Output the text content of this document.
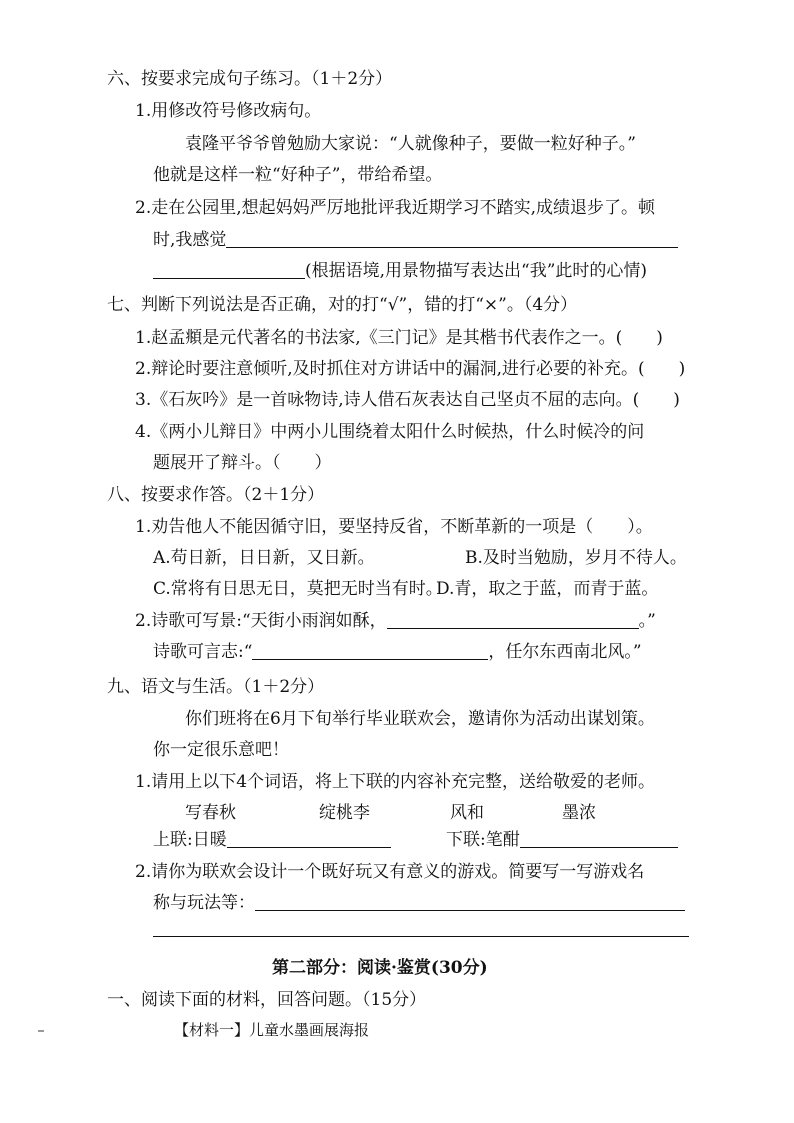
六、按要求完成句子练习。（1＋2分）
1.用修改符号修改病句。
袁隆平爷爷曾勉励大家说：“人就像种子，要做一粒好种子。”
他就是这样一粒“好种子”，带给希望。
2.走在公园里,想起妈妈严厉地批评我近期学习不踏实,成绩退步了。顿
时,我感觉
(根据语境,用景物描写表达出“我”此时的心情)
七、判断下列说法是否正确，对的打“√”，错的打“×”。（4分）
1.赵孟頫是元代著名的书法家,《三门记》是其楷书代表作之一。(　　)
2.辩论时要注意倾听,及时抓住对方讲话中的漏洞,进行必要的补充。(　　)
3.《石灰吟》是一首咏物诗,诗人借石灰表达自己坚贞不屈的志向。(　　)
4.《两小儿辩日》中两小儿围绕着太阳什么时候热，什么时候冷的问
题展开了辩斗。（　　）
八、按要求作答。（2＋1分）
1.劝告他人不能因循守旧，要坚持反省，不断革新的一项是（　　）。
A.苟日新，日日新，又日新。	B.及时当勉励，岁月不待人。
C.常将有日思无日，莫把无时当有时。
D.青，取之于蓝，而青于蓝。
2.诗歌可写景:“天街小雨润如酥，	。”
诗歌可言志:“	，任尔东西南北风。”
九、语文与生活。（1＋2分）
你们班将在6月下旬举行毕业联欢会，邀请你为活动出谋划策。
你一定很乐意吧！
1.请用上以下4个词语，将上下联的内容补充完整，送给敬爱的老师。
写春秋	绽桃李	风和	墨浓
上联:日暖	下联:笔酣
2.请你为联欢会设计一个既好玩又有意义的游戏。简要写一写游戏名
称与玩法等：
第二部分：阅读·鉴赏(30分)
一、阅读下面的材料，回答问题。（15分）
【材料一】儿童水墨画展海报
